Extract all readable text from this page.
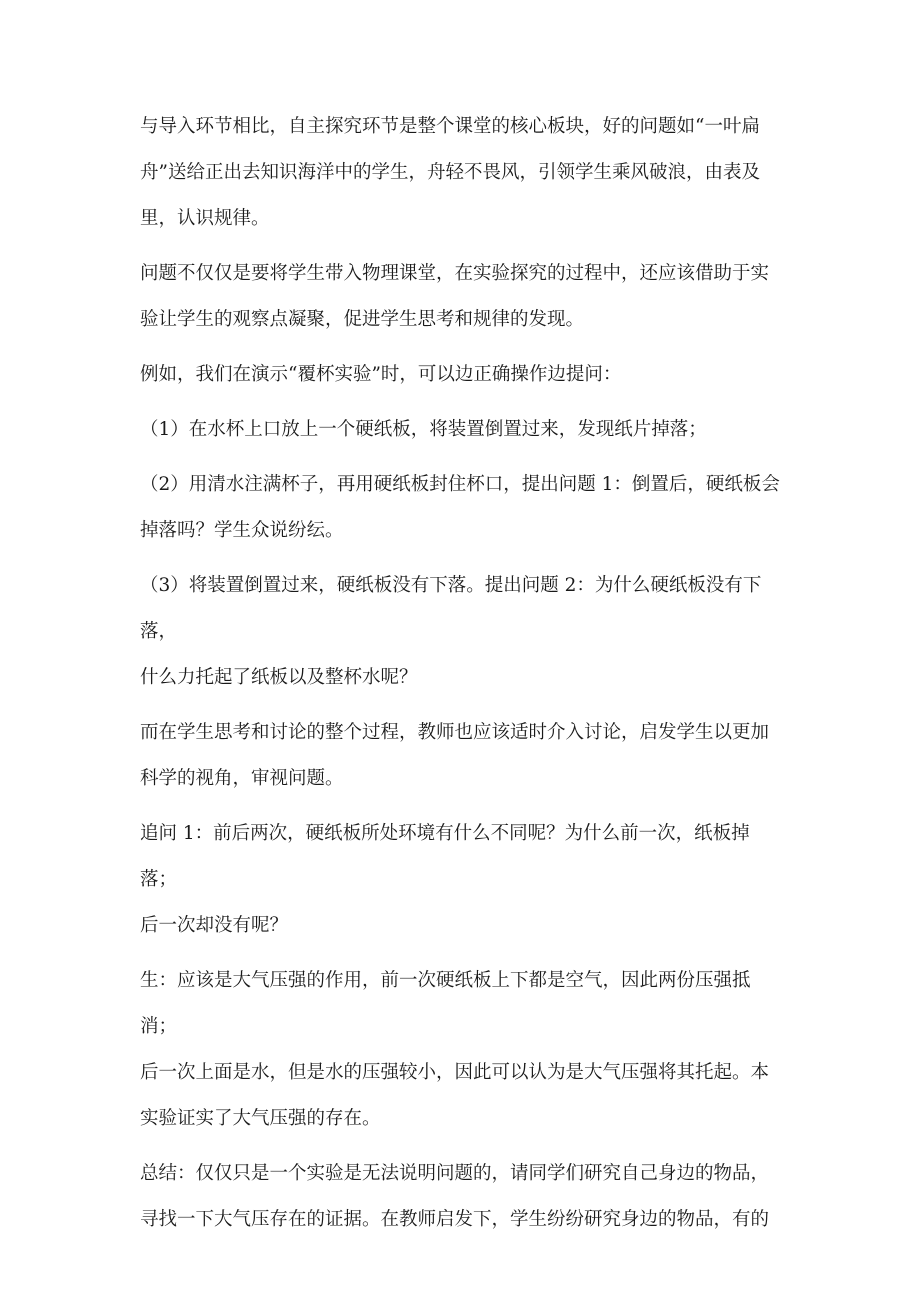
与导入环节相比，自主探究环节是整个课堂的核心板块，好的问题如“一叶扁
舟”送给正出去知识海洋中的学生，舟轻不畏风，引领学生乘风破浪，由表及
里，认识规律。

问题不仅仅是要将学生带入物理课堂，在实验探究的过程中，还应该借助于实
验让学生的观察点凝聚，促进学生思考和规律的发现。

例如，我们在演示“覆杯实验”时，可以边正确操作边提问：

（1）在水杯上口放上一个硬纸板，将装置倒置过来，发现纸片掉落；

（2）用清水注满杯子，再用硬纸板封住杯口，提出问题 1：倒置后，硬纸板会
掉落吗？学生众说纷纭。

（3）将装置倒置过来，硬纸板没有下落。提出问题 2：为什么硬纸板没有下落，
什么力托起了纸板以及整杯水呢？

而在学生思考和讨论的整个过程，教师也应该适时介入讨论，启发学生以更加
科学的视角，审视问题。

追问 1：前后两次，硬纸板所处环境有什么不同呢？为什么前一次，纸板掉落；
后一次却没有呢？

生：应该是大气压强的作用，前一次硬纸板上下都是空气，因此两份压强抵消；
后一次上面是水，但是水的压强较小，因此可以认为是大气压强将其托起。本
实验证实了大气压强的存在。

总结：仅仅只是一个实验是无法说明问题的，请同学们研究自己身边的物品，
寻找一下大气压存在的证据。在教师启发下，学生纷纷研究身边的物品，有的
